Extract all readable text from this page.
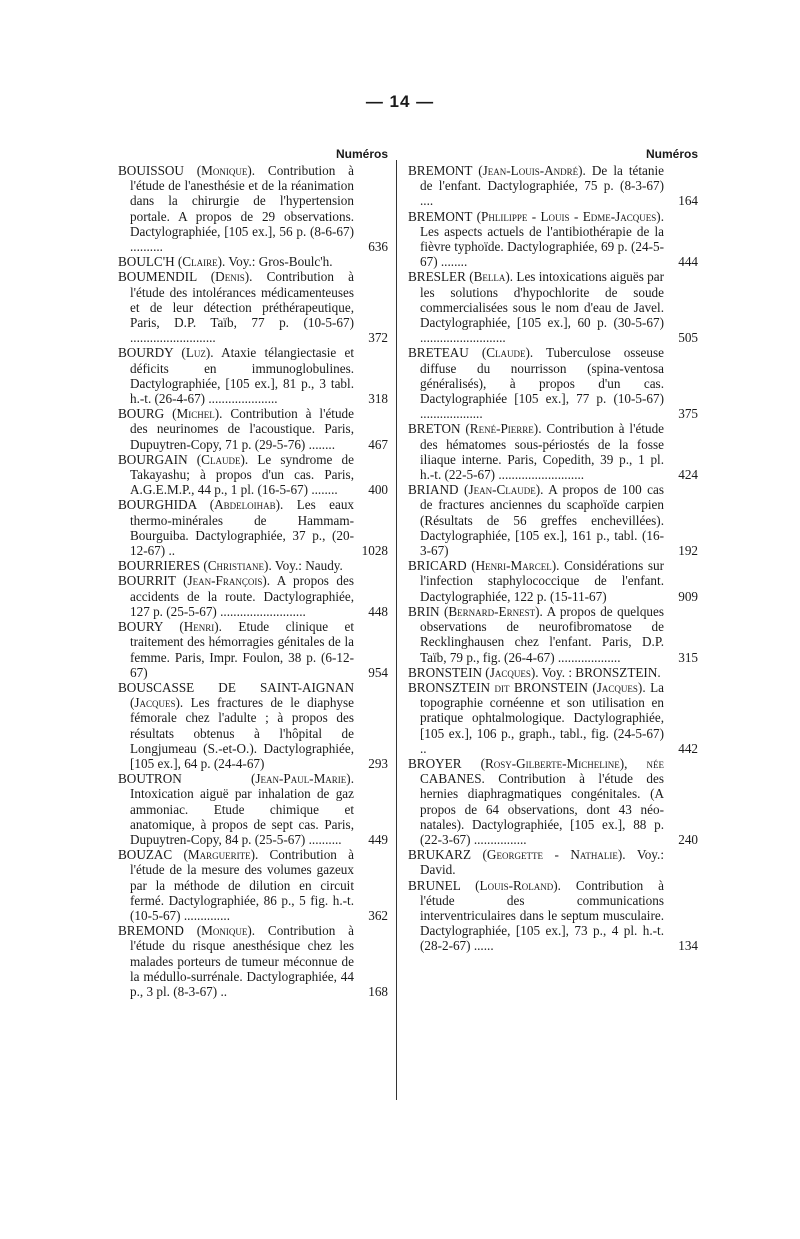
— 14 —
Numéros

BOUISSOU (Monique). Contribution à l'étude de l'anesthésie et de la réanimation dans la chirurgie de l'hypertension portale. A propos de 29 observations. Dactylographiée, [105 ex.], 56 p. (8-6-67) ..........	636

BOULC'H (Claire). Voy.: Gros-Boulc'h.

BOUMENDIL (Denis). Contribution à l'étude des intolérances médicamenteuses et de leur détection préthérapeutique, Paris, D.P. Taïb, 77 p. (10-5-67) ..........................	372

BOURDY (Luz). Ataxie télangiectasie et déficits en immunoglobulines. Dactylographiée, [105 ex.], 81 p., 3 tabl. h.-t. (26-4-67) .....................	318

BOURG (Michel). Contribution à l'étude des neurinomes de l'acoustique. Paris, Dupuytren-Copy, 71 p. (29-5-76) ........	467

BOURGAIN (Claude). Le syndrome de Takayashu; à propos d'un cas. Paris, A.G.E.M.P., 44 p., 1 pl. (16-5-67) ........	400

BOURGHIDA (Abdeloihab). Les eaux thermo-minérales de Hammam-Bourguiba. Dactylographiée, 37 p., (20-12-67) ..	1028

BOURRIERES (Christiane). Voy.: Naudy.

BOURRIT (Jean-François). A propos des accidents de la route. Dactylographiée, 127 p. (25-5-67) ..........................	448

BOURY (Henri). Etude clinique et traitement des hémorragies génitales de la femme. Paris, Impr. Foulon, 38 p. (6-12-67)	954

BOUSCASSE DE SAINT-AIGNAN (Jacques). Les fractures de le diaphyse fémorale chez l'adulte ; à propos des résultats obtenus à l'hôpital de Longjumeau (S.-et-O.). Dactylographiée, [105 ex.], 64 p. (24-4-67)	293

BOUTRON (Jean-Paul-Marie). Intoxication aiguë par inhalation de gaz ammoniac. Etude chimique et anatomique, à propos de sept cas. Paris, Dupuytren-Copy, 84 p. (25-5-67) ..........	449

BOUZAC (Marguerite). Contribution à l'étude de la mesure des volumes gazeux par la méthode de dilution en circuit fermé. Dactylographiée, 86 p., 5 fig. h.-t. (10-5-67) ..............	362

BREMOND (Monique). Contribution à l'étude du risque anesthésique chez les malades porteurs de tumeur méconnue de la médullo-surrénale. Dactylographiée, 44 p., 3 pl. (8-3-67) ..	168

Numéros

BREMONT (Jean-Louis-André). De la tétanie de l'enfant. Dactylographiée, 75 p. (8-3-67) ....	164

BREMONT (Phlilippe - Louis - Edme-Jacques). Les aspects actuels de l'antibiothérapie de la fièvre typhoïde. Dactylographiée, 69 p. (24-5-67) ........	444

BRESLER (Bella). Les intoxications aiguës par les solutions d'hypochlorite de soude commercialisées sous le nom d'eau de Javel. Dactylographiée, [105 ex.], 60 p. (30-5-67) ..........................	505

BRETEAU (Claude). Tuberculose osseuse diffuse du nourrisson (spina-ventosa généralisés), à propos d'un cas. Dactylographiée [105 ex.], 77 p. (10-5-67) ...................	375

BRETON (René-Pierre). Contribution à l'étude des hématomes sous-périostés de la fosse iliaque interne. Paris, Copedith, 39 p., 1 pl. h.-t. (22-5-67) ..........................	424

BRIAND (Jean-Claude). A propos de 100 cas de fractures anciennes du scaphoïde carpien (Résultats de 56 greffes enchevillées). Dactylographiée, [105 ex.], 161 p., tabl. (16-3-67)	192

BRICARD (Henri-Marcel). Considérations sur l'infection staphylococcique de l'enfant. Dactylographiée, 122 p. (15-11-67)	909

BRIN (Bernard-Ernest). A propos de quelques observations de neurofibromatose de Recklinghausen chez l'enfant. Paris, D.P. Taïb, 79 p., fig. (26-4-67) ...................	315

BRONSTEIN (Jacques). Voy. : BRONSZTEIN.

BRONSZTEIN dit BRONSTEIN (Jacques). La topographie cornéenne et son utilisation en pratique ophtalmologique. Dactylographiée, [105 ex.], 106 p., graph., tabl., fig. (24-5-67) ..	442

BROYER (Rosy-Gilberte-Micheline), née CABANES. Contribution à l'étude des hernies diaphragmatiques congénitales. (A propos de 64 observations, dont 43 néo-natales). Dactylographiée, [105 ex.], 88 p. (22-3-67) ................	240

BRUKARZ (Georgette - Nathalie). Voy.: David.

BRUNEL (Louis-Roland). Contribution à l'étude des communications interventriculaires dans le septum musculaire. Dactylographiée, [105 ex.], 73 p., 4 pl. h.-t. (28-2-67) ......	134
